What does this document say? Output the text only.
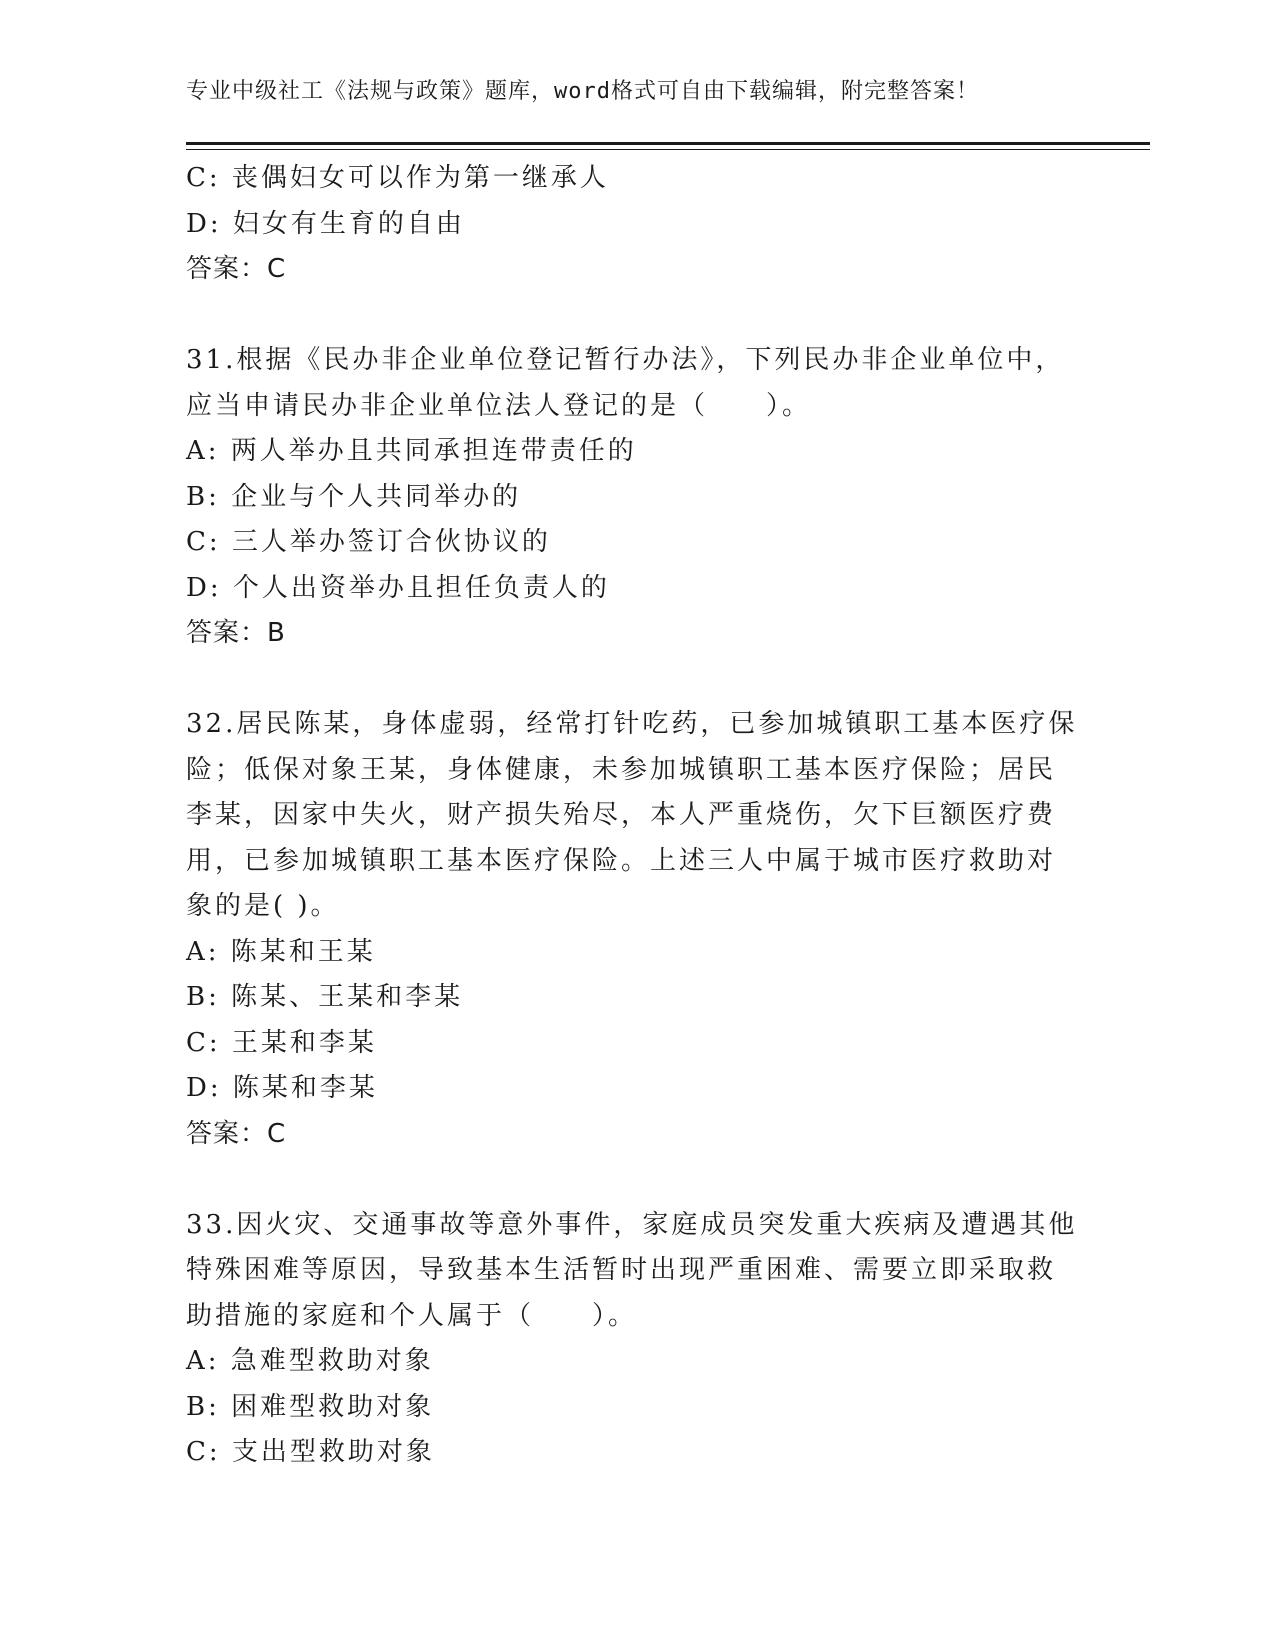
专业中级社工《法规与政策》题库，word格式可自由下载编辑，附完整答案！
C: 丧偶妇女可以作为第一继承人
D: 妇女有生育的自由
答案：C
31.根据《民办非企业单位登记暂行办法》，下列民办非企业单位中，
应当申请民办非企业单位法人登记的是（　　）。
A: 两人举办且共同承担连带责任的
B: 企业与个人共同举办的
C: 三人举办签订合伙协议的
D: 个人出资举办且担任负责人的
答案：B
32.居民陈某，身体虚弱，经常打针吃药，已参加城镇职工基本医疗保
险；低保对象王某，身体健康，未参加城镇职工基本医疗保险；居民
李某，因家中失火，财产损失殆尽，本人严重烧伤，欠下巨额医疗费
用，已参加城镇职工基本医疗保险。上述三人中属于城市医疗救助对
象的是( )。
A: 陈某和王某
B: 陈某、王某和李某
C: 王某和李某
D: 陈某和李某
答案：C
33.因火灾、交通事故等意外事件，家庭成员突发重大疾病及遭遇其他
特殊困难等原因，导致基本生活暂时出现严重困难、需要立即采取救
助措施的家庭和个人属于（　　）。
A: 急难型救助对象
B: 困难型救助对象
C: 支出型救助对象
